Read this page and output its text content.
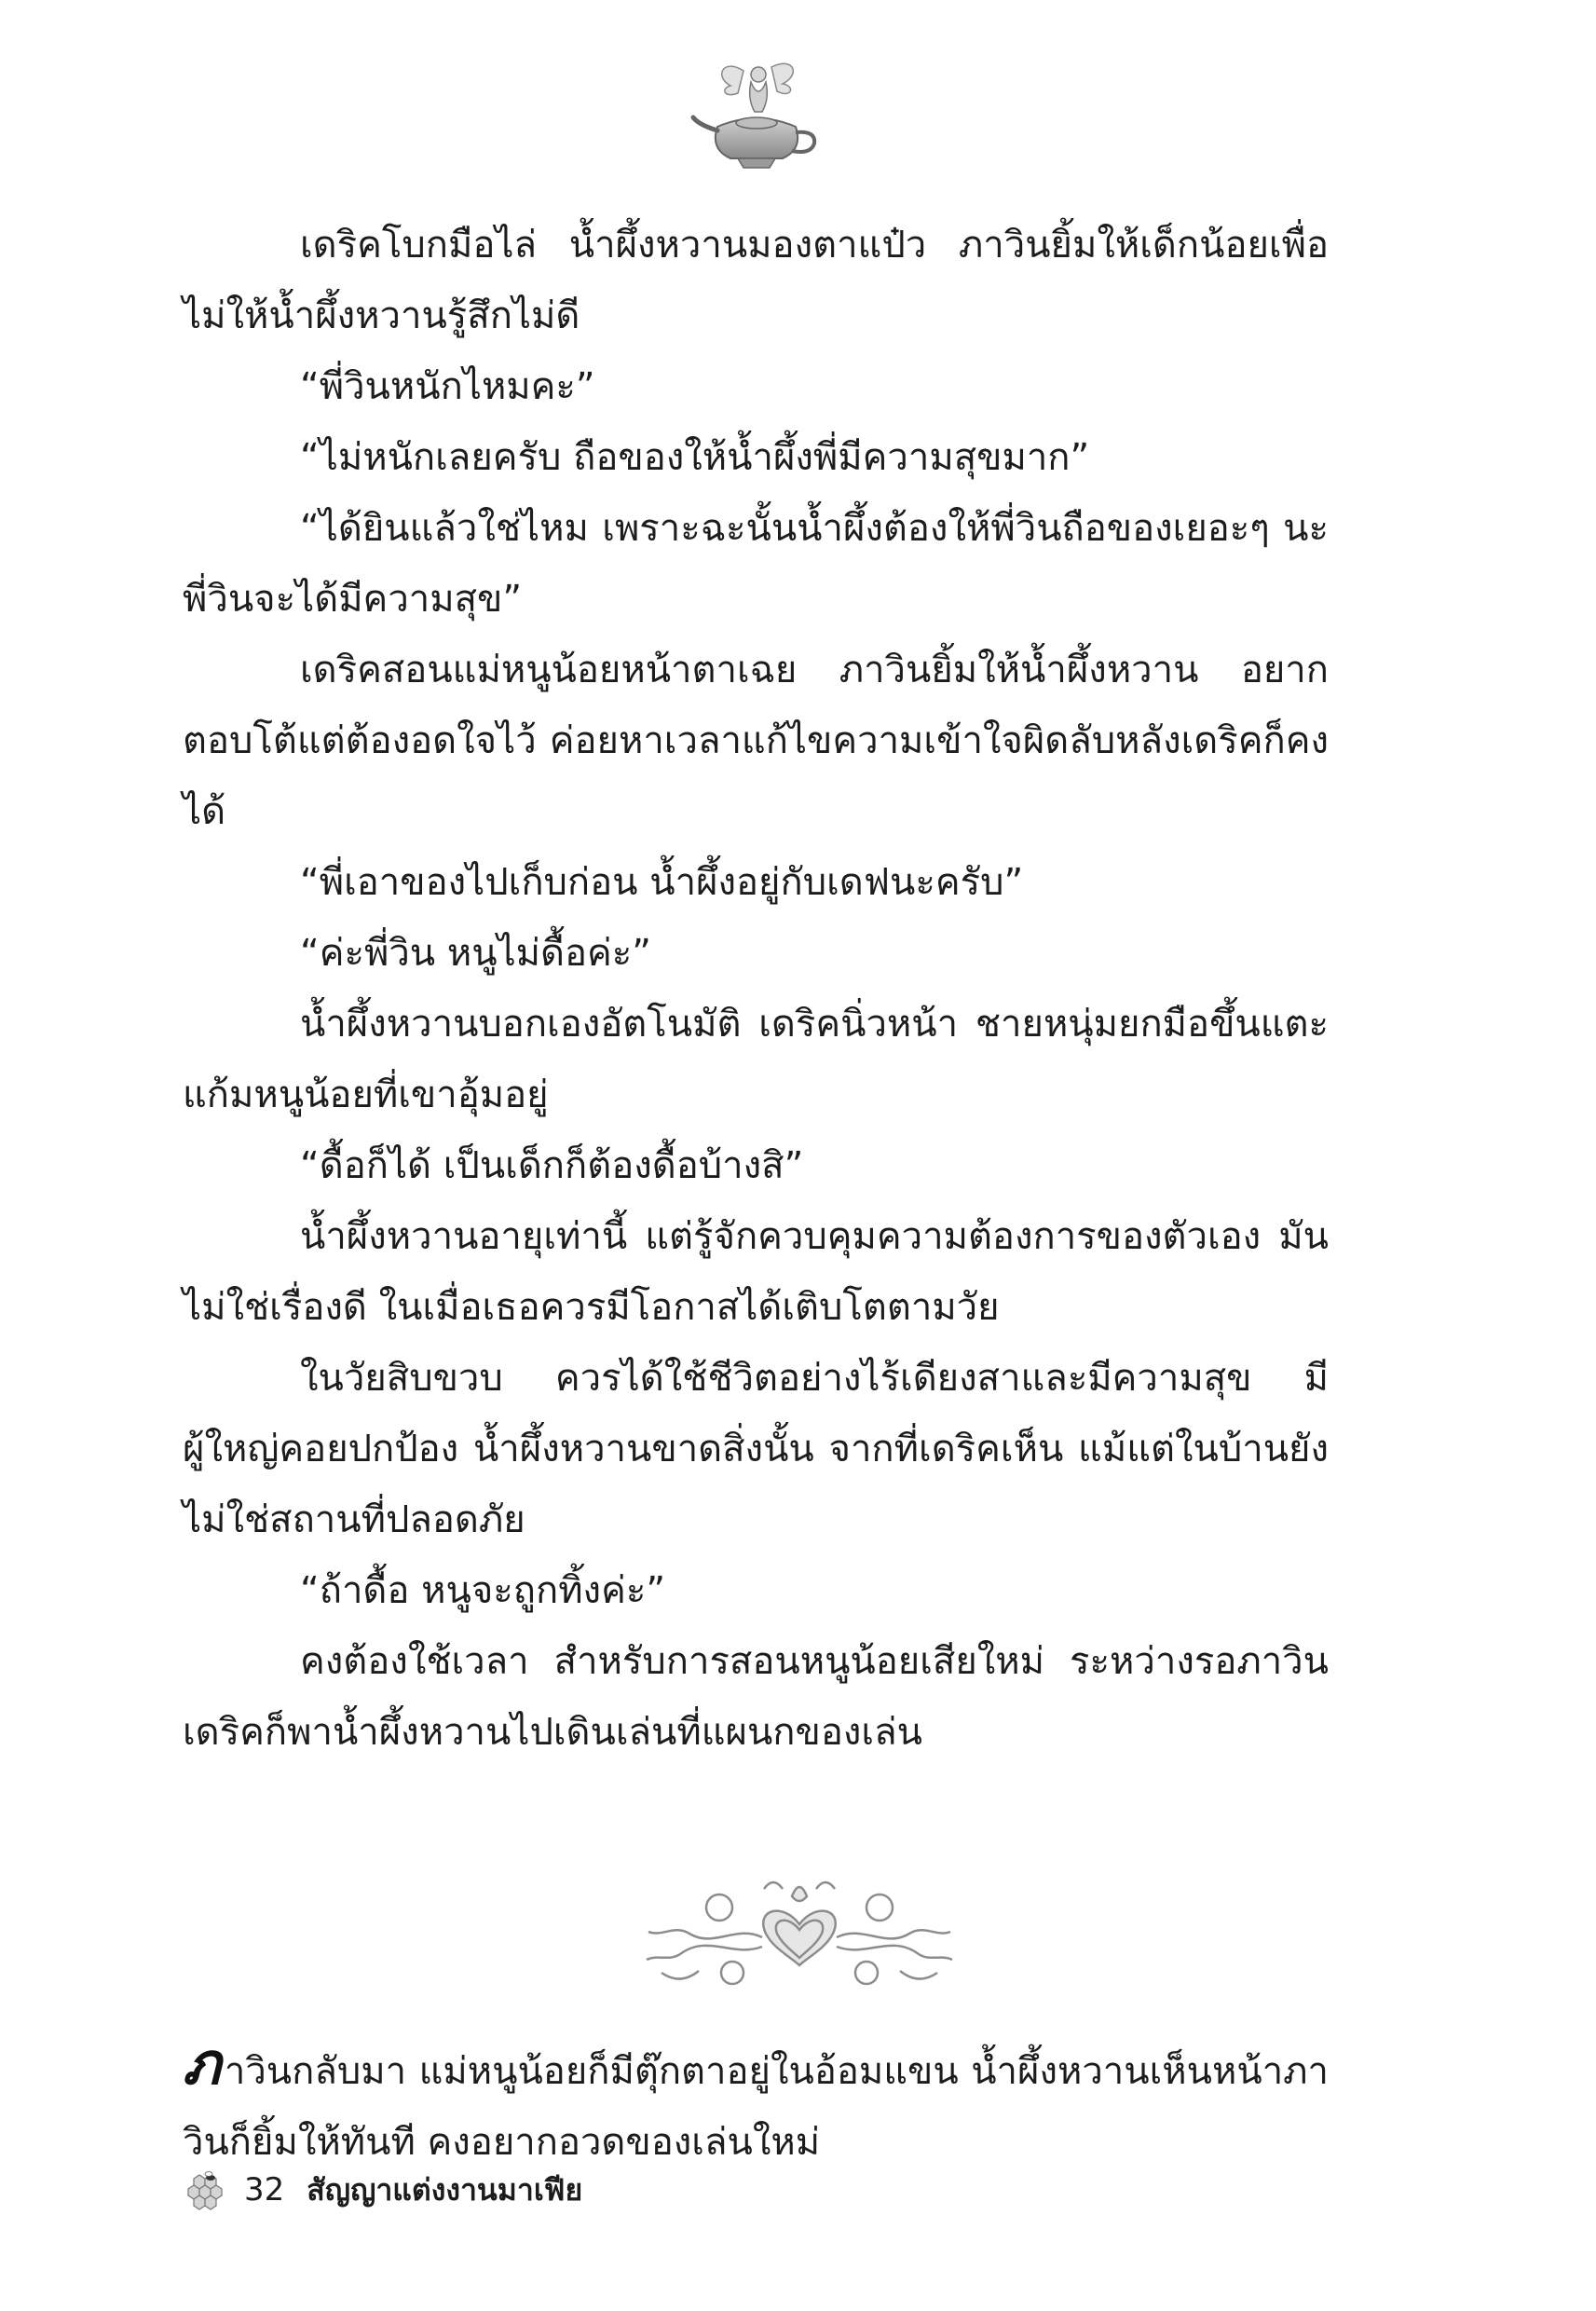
เดริคโบกมือไล่ น้ำผึ้งหวานมองตาแป๋ว ภาวินยิ้มให้เด็กน้อยเพื่อไม่ให้น้ำผึ้งหวานรู้สึกไม่ดี

“พี่วินหนักไหมคะ”

“ไม่หนักเลยครับ ถือของให้น้ำผึ้งพี่มีความสุขมาก”

“ได้ยินแล้วใช่ไหม เพราะฉะนั้นน้ำผึ้งต้องให้พี่วินถือของเยอะๆ นะ พี่วินจะได้มีความสุข”

เดริคสอนแม่หนูน้อยหน้าตาเฉย ภาวินยิ้มให้น้ำผึ้งหวาน อยากตอบโต้แต่ต้องอดใจไว้ ค่อยหาเวลาแก้ไขความเข้าใจผิดลับหลังเดริคก็คงได้

“พี่เอาของไปเก็บก่อน น้ำผึ้งอยู่กับเดฟนะครับ”

“ค่ะพี่วิน หนูไม่ดื้อค่ะ”

น้ำผึ้งหวานบอกเองอัตโนมัติ เดริคนิ่วหน้า ชายหนุ่มยกมือขึ้นแตะแก้มหนูน้อยที่เขาอุ้มอยู่

“ดื้อก็ได้ เป็นเด็กก็ต้องดื้อบ้างสิ”

น้ำผึ้งหวานอายุเท่านี้ แต่รู้จักควบคุมความต้องการของตัวเอง มันไม่ใช่เรื่องดี ในเมื่อเธอควรมีโอกาสได้เติบโตตามวัย

ในวัยสิบขวบ ควรได้ใช้ชีวิตอย่างไร้เดียงสาและมีความสุข มีผู้ใหญ่คอยปกป้อง น้ำผึ้งหวานขาดสิ่งนั้น จากที่เดริคเห็น แม้แต่ในบ้านยังไม่ใช่สถานที่ปลอดภัย

“ถ้าดื้อ หนูจะถูกทิ้งค่ะ”

คงต้องใช้เวลา สำหรับการสอนหนูน้อยเสียใหม่ ระหว่างรอภาวิน เดริคก็พาน้ำผึ้งหวานไปเดินเล่นที่แผนกของเล่น

ภาวินกลับมา แม่หนูน้อยก็มีตุ๊กตาอยู่ในอ้อมแขน น้ำผึ้งหวานเห็นหน้าภาวินก็ยิ้มให้ทันที คงอยากอวดของเล่นใหม่

32 สัญญาแต่งงานมาเฟีย
